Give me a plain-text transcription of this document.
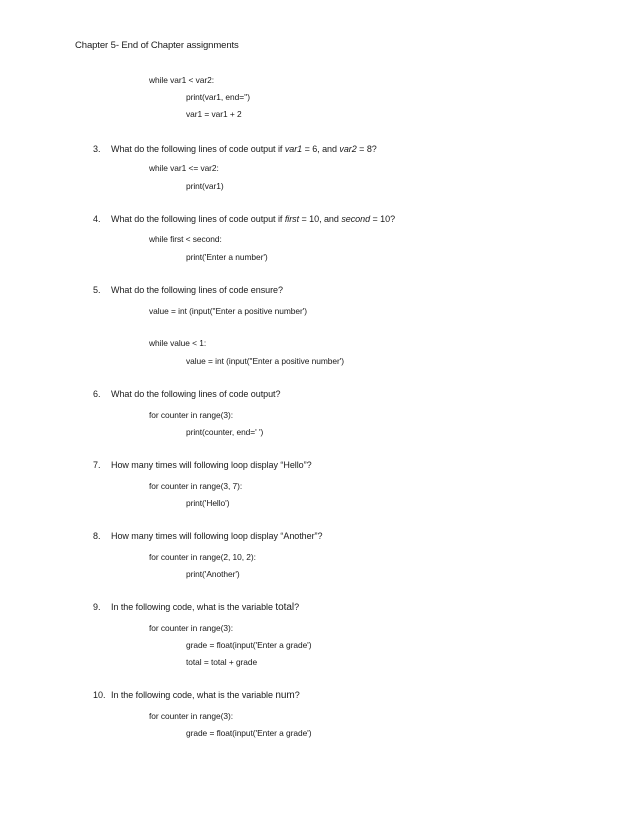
Chapter 5- End of Chapter assignments
while var1 < var2:
print(var1, end='')
var1 = var1 + 2
3. What do the following lines of code output if var1 = 6, and var2 = 8?
while var1 <= var2:
print(var1)
4. What do the following lines of code output if first = 10, and second = 10?
while first < second:
print('Enter a number')
5. What do the following lines of code ensure?
value = int (input("Enter a positive number')
while value < 1:
value = int (input("Enter a positive number')
6. What do the following lines of code output?
for counter in range(3):
print(counter, end=' ')
7. How many times will following loop display “Hello”?
for counter in range(3, 7):
print('Hello')
8. How many times will following loop display “Another”?
for counter in range(2, 10, 2):
print('Another')
9. In the following code, what is the variable total?
for counter in range(3):
grade = float(input('Enter a grade')
total = total + grade
10. In the following code, what is the variable num?
for counter in range(3):
grade = float(input('Enter a grade')
